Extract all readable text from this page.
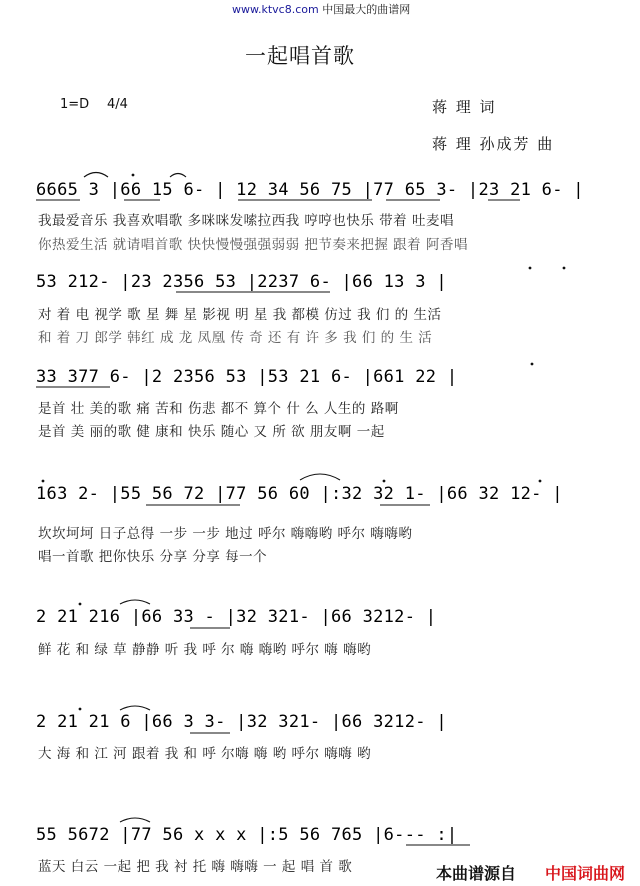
www.ktvc8.com 中国最大的曲谱网
一起唱首歌
1=D 4/4	蒋 理 词
蒋 理 孙成芳 曲
6665 3 |66 15 6- | 12 34 56 75 |77 65 3- |23 21 6- |
我最爱音乐 我喜欢唱歌 多咪咪发嗦拉西我 哼哼也快乐 带着 吐麦唱
你热爱生活 就请唱首歌 快快慢慢强强弱弱 把节奏来把握 跟着 阿香唱
53 212- |23 2356 53 |2237 6- |66 13 3 |
对 着 电 视学 歌 星 舞 星 影视 明 星 我 都模 仿过 我 们 的 生活
和 着 刀 郎学 韩红 成 龙 凤凰 传 奇 还 有 许 多 我 们 的 生 活
33 377 6- |2 2356 53 |53 21 6- |661 22 |
是首 壮 美的歌 痛 苦和 伤悲 都不 算个 什 么 人生的 路啊
是首 美 丽的歌 健 康和 快乐 随心 又 所 欲 朋友啊 一起
163 2- |55 56 72 |77 56 60 |:32 32 1- |66 32 12- |
坎坎坷坷 日子总得 一步 一步 地过 呼尔 嗨嗨哟 呼尔 嗨嗨哟
唱一首歌 把你快乐 分享 分享 每一个
2 21 216 |66 33 - |32 321- |66 3212- |
鲜 花 和 绿 草 静静 听 我 呼 尔 嗨 嗨哟 呼尔 嗨 嗨哟
2 21 21 6 |66 3 3- |32 321- |66 3212- |
大 海 和 江 河 跟着 我 和 呼 尔嗨 嗨 哟 呼尔 嗨嗨 哟
55 5672 |77 56 x x x |:5 56 765 |6--- :|
蓝天 白云 一起 把 我 衬 托 嗨 嗨嗨 一 起 唱 首 歌	本曲谱源自 中国词曲网
